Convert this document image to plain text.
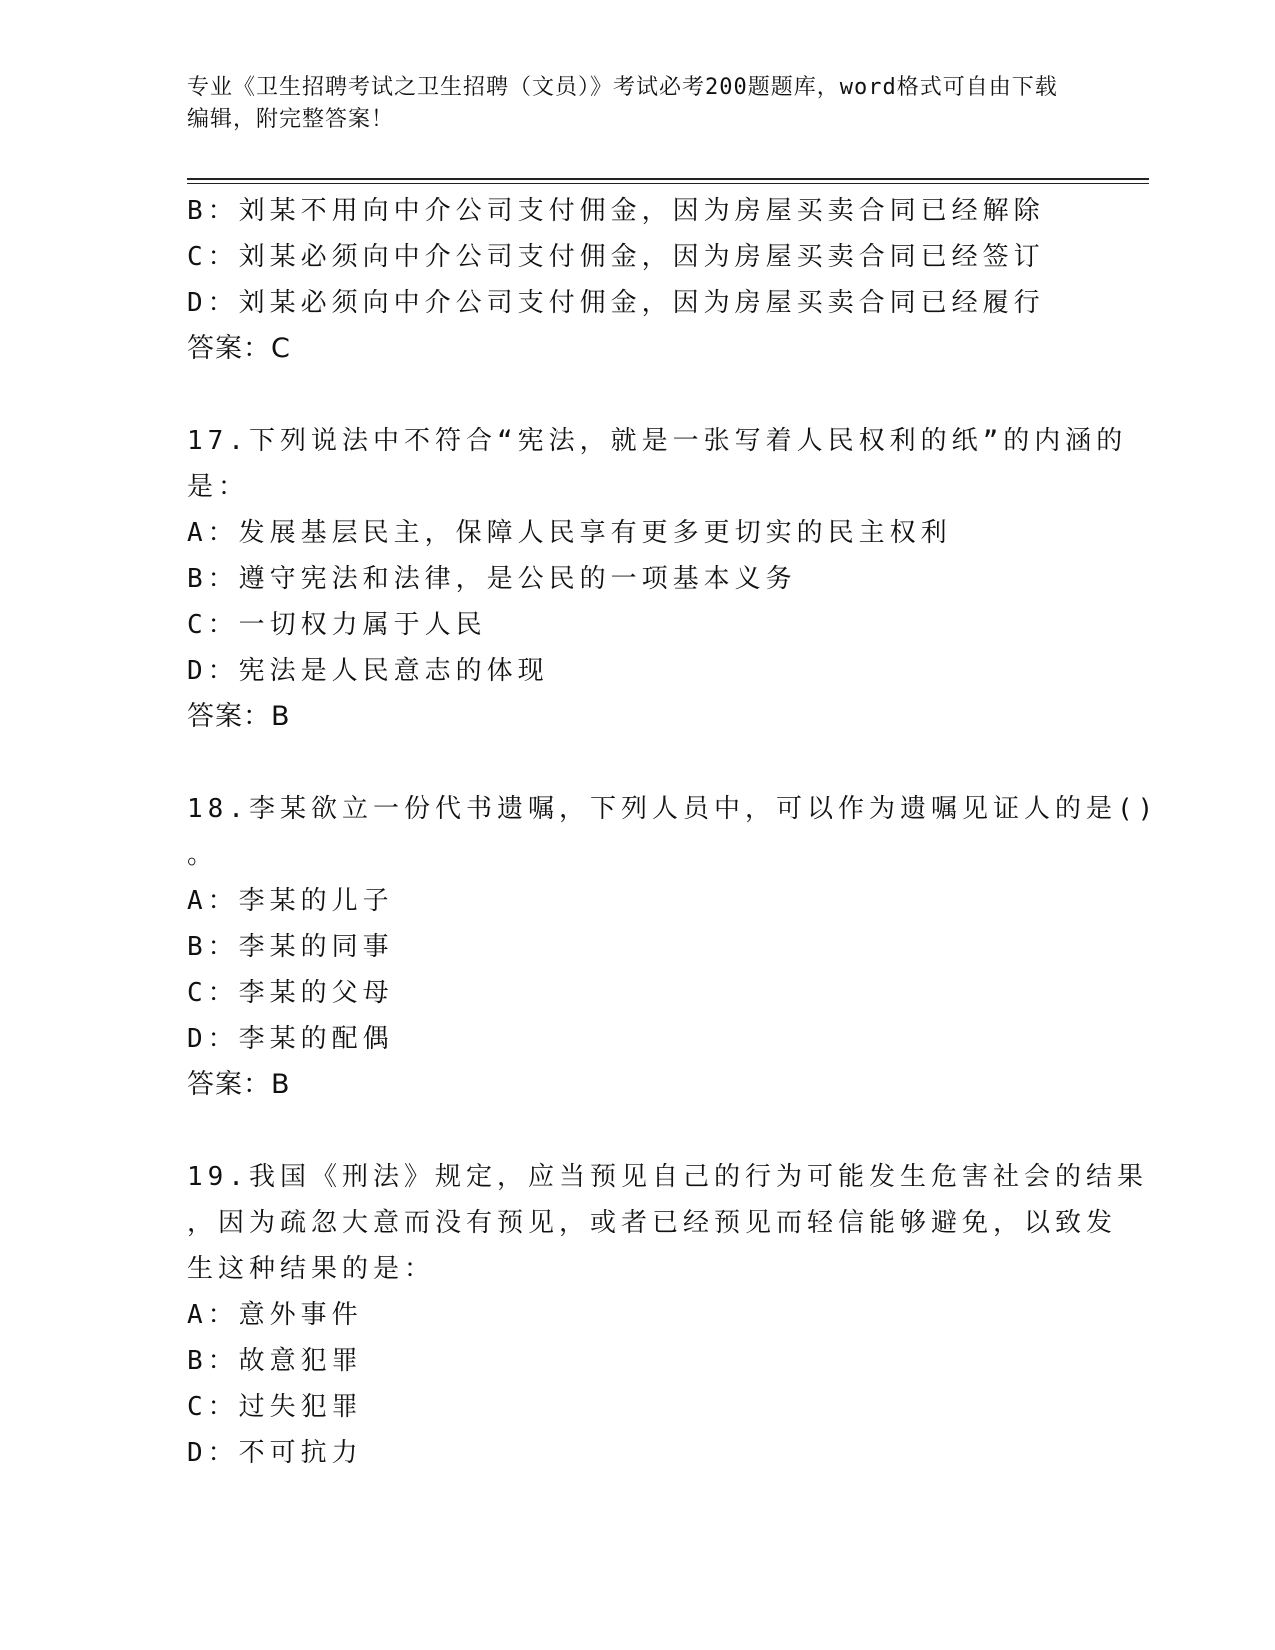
专业《卫生招聘考试之卫生招聘（文员）》考试必考200题题库，word格式可自由下载编辑，附完整答案！
B：刘某不用向中介公司支付佣金，因为房屋买卖合同已经解除
C：刘某必须向中介公司支付佣金，因为房屋买卖合同已经签订
D：刘某必须向中介公司支付佣金，因为房屋买卖合同已经履行
答案：C
17.下列说法中不符合“宪法，就是一张写着人民权利的纸”的内涵的
是：
A：发展基层民主，保障人民享有更多更切实的民主权利
B：遵守宪法和法律，是公民的一项基本义务
C：一切权力属于人民
D：宪法是人民意志的体现
答案：B
18.李某欲立一份代书遗嘱，下列人员中，可以作为遗嘱见证人的是()
。
A：李某的儿子
B：李某的同事
C：李某的父母
D：李某的配偶
答案：B
19.我国《刑法》规定，应当预见自己的行为可能发生危害社会的结果
，因为疏忽大意而没有预见，或者已经预见而轻信能够避免，以致发
生这种结果的是：
A：意外事件
B：故意犯罪
C：过失犯罪
D：不可抗力
